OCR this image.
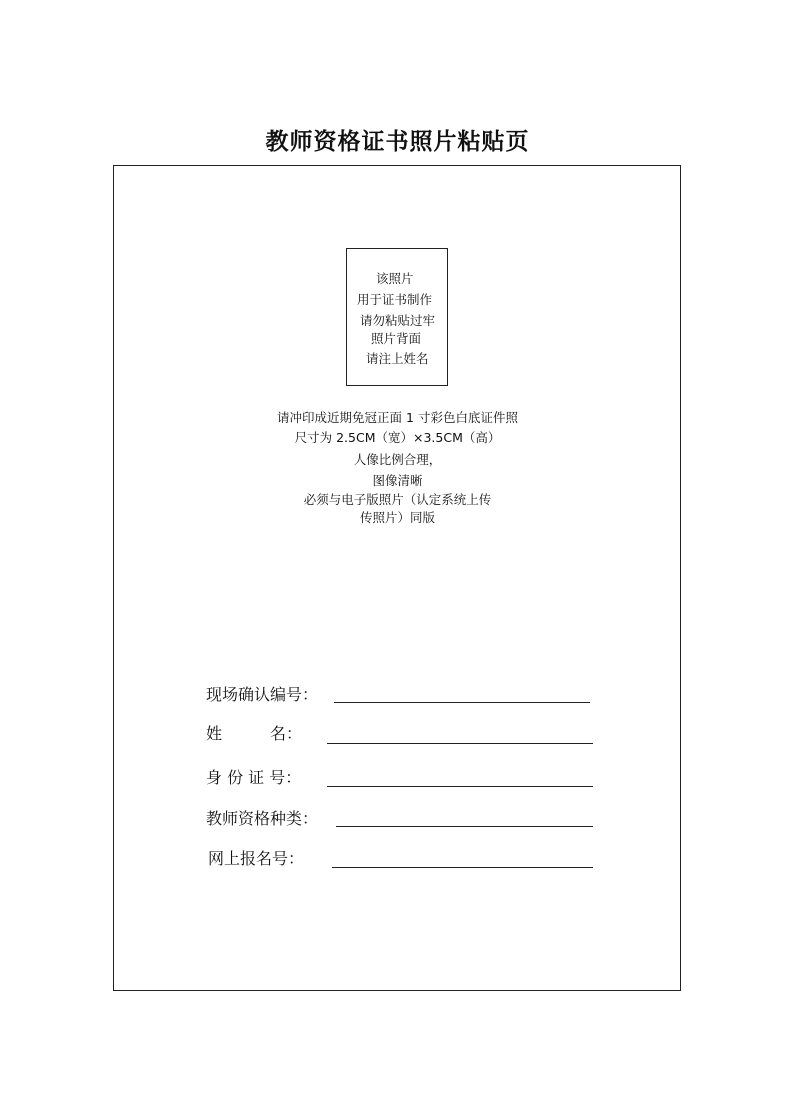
教师资格证书照片粘贴页
该照片
用于证书制作
请勿粘贴过牢
照片背面
请注上姓名
请冲印成近期免冠正面 1 寸彩色白底证件照
尺寸为 2.5CM（宽）×3.5CM（高）
人像比例合理，
图像清晰
必须与电子版照片（认定系统上传
传照片）同版
现场确认编号：
姓　　　名：
身 份 证 号：
教师资格种类：
网上报名号：
